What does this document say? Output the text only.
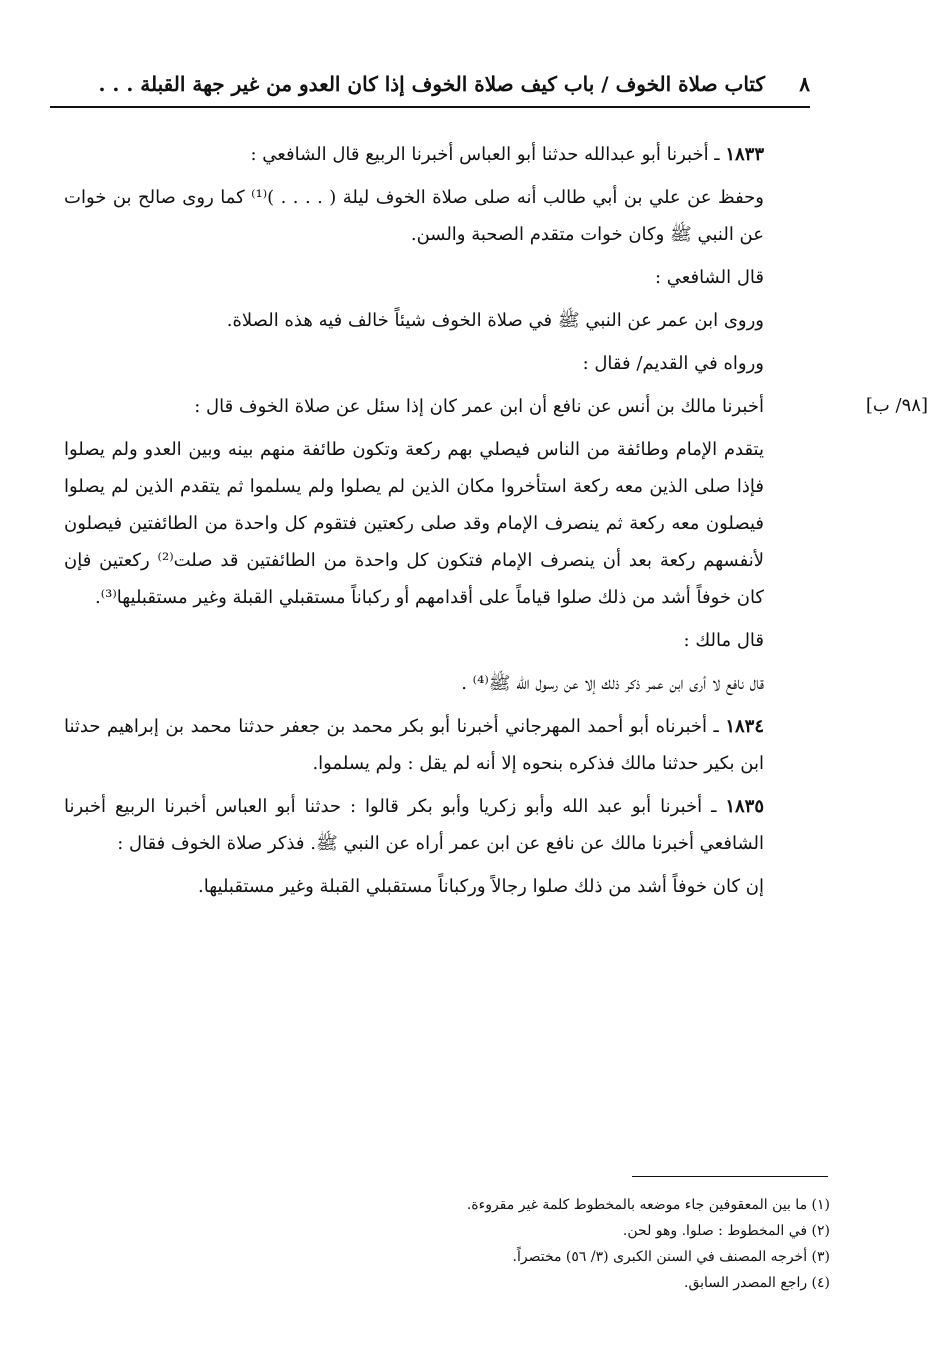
٨
كتاب صلاة الخوف / باب كيف صلاة الخوف إذا كان العدو من غير جهة القبلة . . .
[٩٨/ ب]

١٨٣٣ ـ أخبرنا أبو عبدالله حدثنا أبو العباس أخبرنا الربيع قال الشافعي :

وحفظ عن علي بن أبي طالب أنه صلى صلاة الخوف ليلة ( . . . . )⁽¹⁾ كما روى صالح بن خوات عن النبي ﷺ وكان خوات متقدم الصحبة والسن.

قال الشافعي :

وروى ابن عمر عن النبي ﷺ في صلاة الخوف شيئاً خالف فيه هذه الصلاة.

ورواه في القديم/ فقال :

أخبرنا مالك بن أنس عن نافع أن ابن عمر كان إذا سئل عن صلاة الخوف قال :

يتقدم الإمام وطائفة من الناس فيصلي بهم ركعة وتكون طائفة منهم بينه وبين العدو ولم يصلوا فإذا صلى الذين معه ركعة استأخروا مكان الذين لم يصلوا ولم يسلموا ثم يتقدم الذين لم يصلوا فيصلون معه ركعة ثم ينصرف الإمام وقد صلى ركعتين فتقوم كل واحدة من الطائفتين فيصلون لأنفسهم ركعة بعد أن ينصرف الإمام فتكون كل واحدة من الطائفتين قد صلت⁽²⁾ ركعتين فإن كان خوفاً أشد من ذلك صلوا قياماً على أقدامهم أو ركباناً مستقبلي القبلة وغير مستقبليها⁽³⁾.

قال مالك :

قال نافع لا أرى ابن عمر ذكر ذلك إلا عن رسول الله ﷺ⁽⁴⁾ .

١٨٣٤ ـ أخبرناه أبو أحمد المهرجاني أخبرنا أبو بكر محمد بن جعفر حدثنا محمد بن إبراهيم حدثنا ابن بكير حدثنا مالك فذكره بنحوه إلا أنه لم يقل : ولم يسلموا.

١٨٣٥ ـ أخبرنا أبو عبد الله وأبو زكريا وأبو بكر قالوا : حدثنا أبو العباس أخبرنا الربيع أخبرنا الشافعي أخبرنا مالك عن نافع عن ابن عمر أراه عن النبي ﷺ. فذكر صلاة الخوف فقال :

إن كان خوفاً أشد من ذلك صلوا رجالاً وركباناً مستقبلي القبلة وغير مستقبليها.

(١) ما بين المعقوفين جاء موضعه بالمخطوط كلمة غير مقروءة.
(٢) في المخطوط : صلوا. وهو لحن.
(٣) أخرجه المصنف في السنن الكبرى (٣/ ٥٦) مختصراً.
(٤) راجع المصدر السابق.
